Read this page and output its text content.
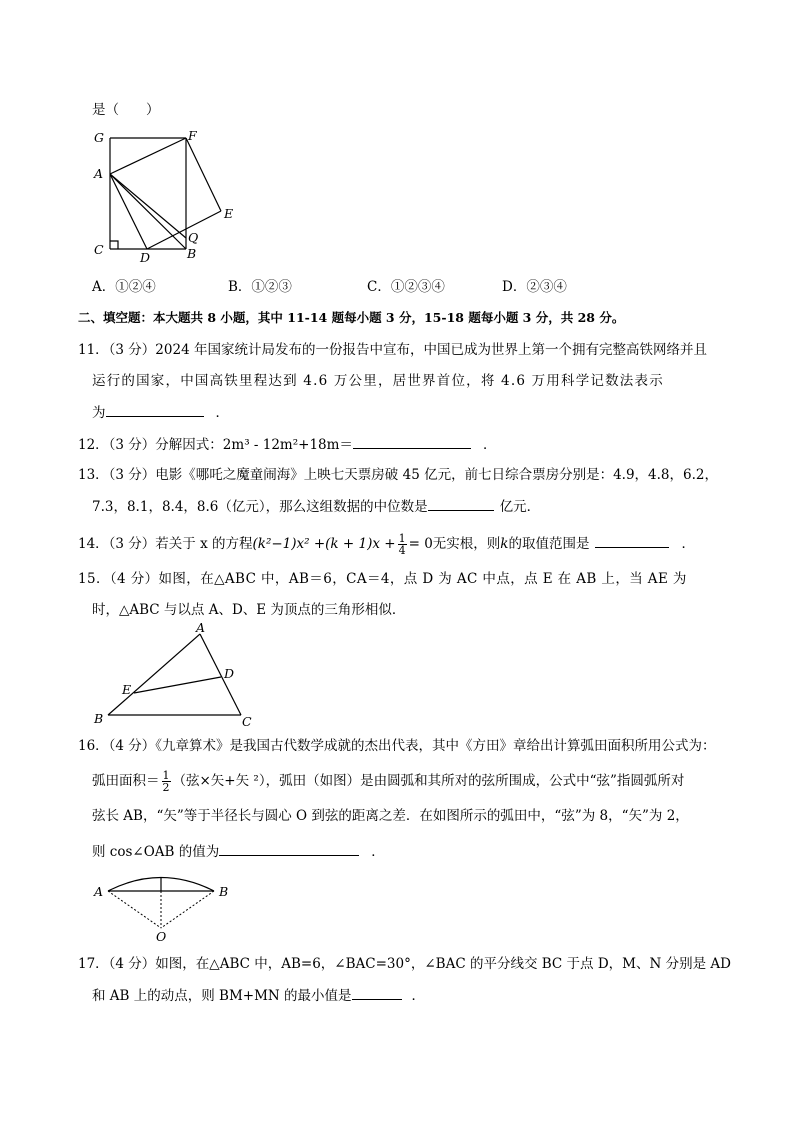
是（　　）
G	F
A
E
C
Q
D	B
A．①②④	B．①②③	C．①②③④	D．②③④
二、填空题：本大题共 8 小题，其中 11-14 题每小题 3 分，15-18 题每小题 3 分，共 28 分。
11．（3 分）2024 年国家统计局发布的一份报告中宣布，中国已成为世界上第一个拥有完整高铁网络并且
运行的国家，中国高铁里程达到 4.6 万公里，居世界首位，将 4.6 万用科学记数法表示
为	．
12．（3 分）分解因式：2m³ - 12m²+18m＝	．
13．（3 分）电影《哪吒之魔童闹海》上映七天票房破 45 亿元，前七日综合票房分别是：4.9，4.8，6.2，
7.3，8.1，8.4，8.6（亿元），那么这组数据的中位数是	亿元．
14．（3 分）若关于 x 的方程$(k^2-1)x^2 +(k + 1)x + \frac{1}{4} = 0$无实根，则k的取值范围是	．
15．（4 分）如图，在△ABC 中，AB＝6，CA＝4，点 D 为 AC 中点，点 E 在 AB 上，当 AE 为
时，△ABC 与以点 A、D、E 为顶点的三角形相似．
A
D
E
B	C
16．（4 分）《九章算术》是我国古代数学成就的杰出代表，其中《方田》章给出计算弧田面积所用公式为：
弧田面积＝ $\frac{1}{2}$ （弦×矢+矢 ²），弧田（如图）是由圆弧和其所对的弦所围成，公式中“弦”指圆弧所对
弦长 AB，“矢”等于半径长与圆心 O 到弦的距离之差．在如图所示的弧田中，“弦”为 8，“矢”为 2，
则 cos∠OAB 的值为	．
A	B
O
17．（4 分）如图，在△ABC 中，AB=6，∠BAC=30°，∠BAC 的平分线交 BC 于点 D，M、N 分别是 AD
和 AB 上的动点，则 BM+MN 的最小值是	．
